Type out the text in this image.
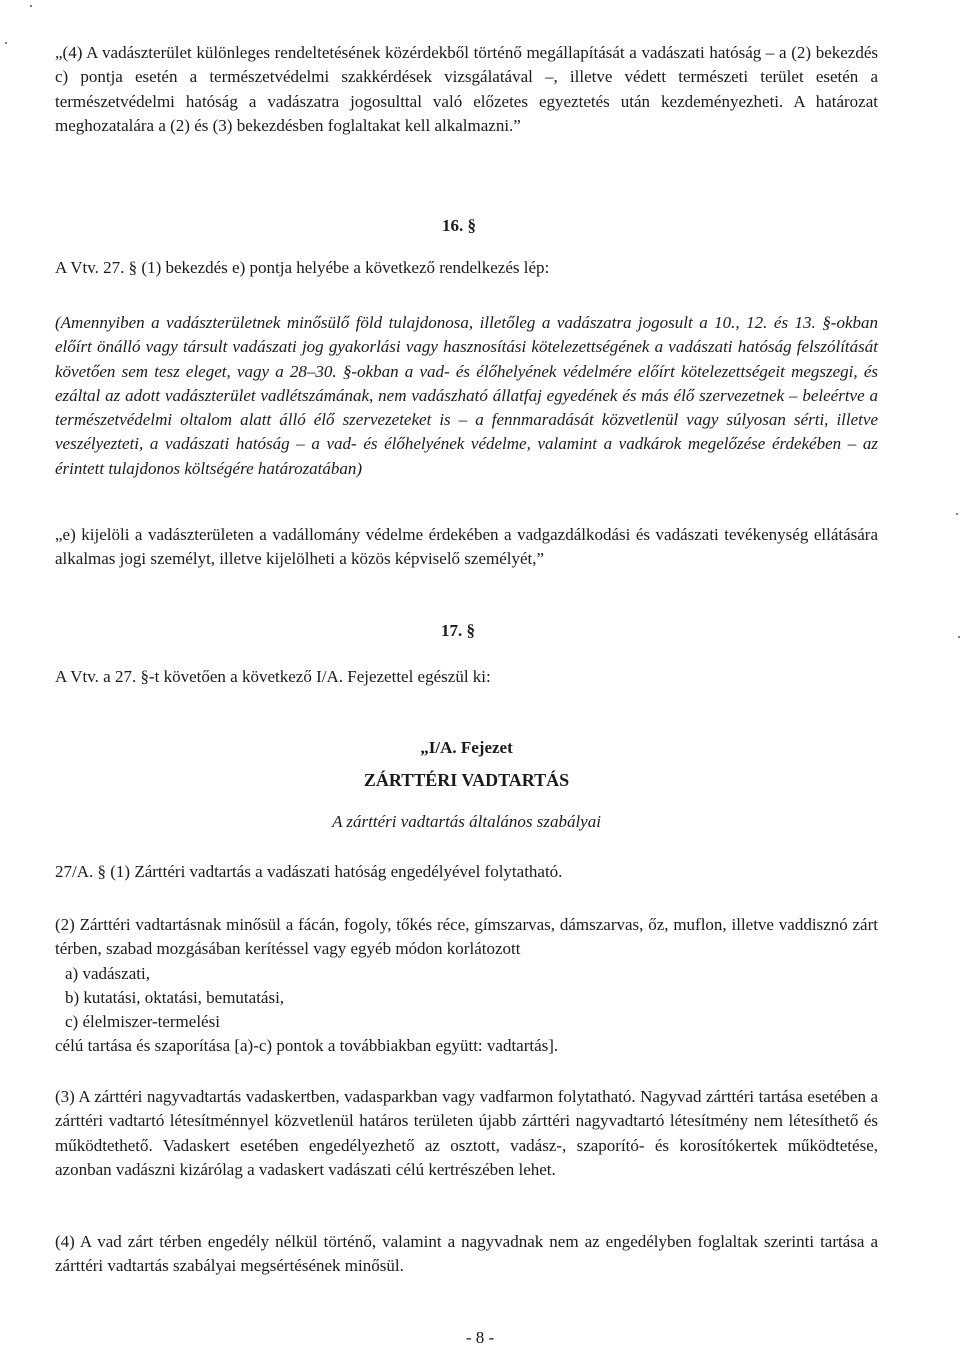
„(4) A vadászterület különleges rendeltetésének közérdekből történő megállapítását a vadászati hatóság – a (2) bekezdés c) pontja esetén a természetvédelmi szakkérdések vizsgálatával –, illetve védett természeti terület esetén a természetvédelmi hatóság a vadászatra jogosulttal való előzetes egyeztetés után kezdeményezheti. A határozat meghozatalára a (2) és (3) bekezdésben foglaltakat kell alkalmazni.”

16. §

A Vtv. 27. § (1) bekezdés e) pontja helyébe a következő rendelkezés lép:

(Amennyiben a vadászterületnek minősülő föld tulajdonosa, illetőleg a vadászatra jogosult a 10., 12. és 13. §-okban előírt önálló vagy társult vadászati jog gyakorlási vagy hasznosítási kötelezettségének a vadászati hatóság felszólítását követően sem tesz eleget, vagy a 28–30. §-okban a vad- és élőhelyének védelmére előírt kötelezettségeit megszegi, és ezáltal az adott vadászterület vadlétszámának, nem vadászható állatfaj egyedének és más élő szervezetnek – beleértve a természetvédelmi oltalom alatt álló élő szervezeteket is – a fennmaradását közvetlenül vagy súlyosan sérti, illetve veszélyezteti, a vadászati hatóság – a vad- és élőhelyének védelme, valamint a vadkárok megelőzése érdekében – az érintett tulajdonos költségére határozatában)

„e) kijelöli a vadászterületen a vadállomány védelme érdekében a vadgazdálkodási és vadászati tevékenység ellátására alkalmas jogi személyt, illetve kijelölheti a közös képviselő személyét,”

17. §

A Vtv. a 27. §-t követően a következő I/A. Fejezettel egészül ki:

„I/A. Fejezet

ZÁRTTÉRI VADTARTÁS

A zárttéri vadtartás általános szabályai

27/A. § (1) Zárttéri vadtartás a vadászati hatóság engedélyével folytatható.

(2) Zárttéri vadtartásnak minősül a fácán, fogoly, tőkés réce, gímszarvas, dámszarvas, őz, muflon, illetve vaddisznó zárt térben, szabad mozgásában kerítéssel vagy egyéb módon korlátozott
a) vadászati,
b) kutatási, oktatási, bemutatási,
c) élelmiszer-termelési
célú tartása és szaporítása [a)-c) pontok a továbbiakban együtt: vadtartás].

(3) A zárttéri nagyvadtartás vadaskertben, vadasparkban vagy vadfarmon folytatható. Nagyvad zárttéri tartása esetében a zárttéri vadtartó létesítménnyel közvetlenül határos területen újabb zárttéri nagyvadtartó létesítmény nem létesíthető és működtethető. Vadaskert esetében engedélyezhető az osztott, vadász-, szaporító- és korosítókertek működtetése, azonban vadászni kizárólag a vadaskert vadászati célú kertrészében lehet.

(4) A vad zárt térben engedély nélkül történő, valamint a nagyvadnak nem az engedélyben foglaltak szerinti tartása a zárttéri vadtartás szabályai megsértésének minősül.

- 8 -
